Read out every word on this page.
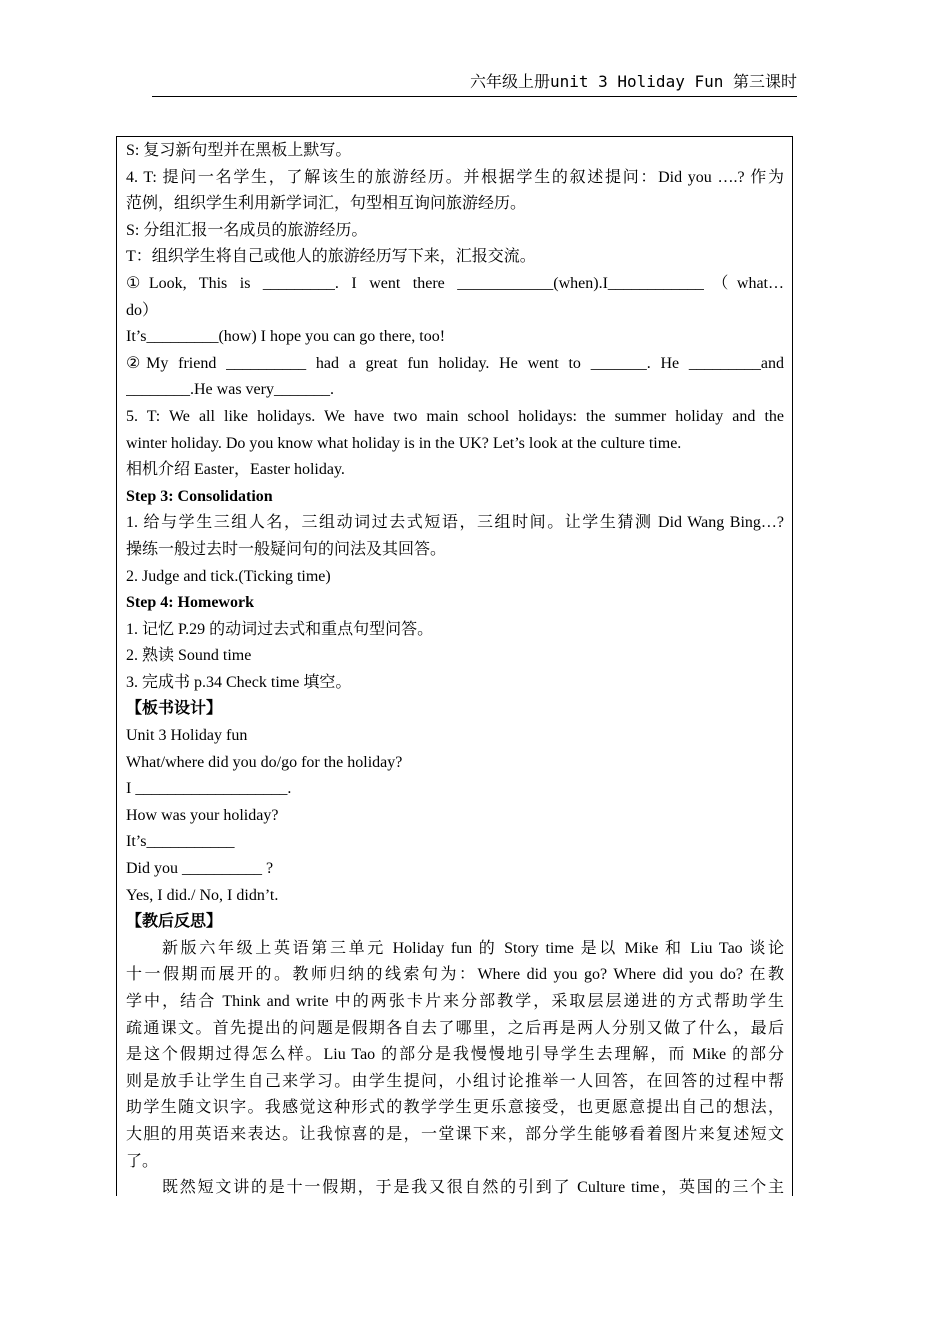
六年级上册unit 3 Holiday Fun 第三课时
S: 复习新句型并在黑板上默写。
4. T: 提问一名学生，了解该生的旅游经历。并根据学生的叙述提问：Did you ….? 作为
范例，组织学生利用新学词汇，句型相互询问旅游经历。
S: 分组汇报一名成员的旅游经历。
T：组织学生将自己或他人的旅游经历写下来，汇报交流。
①Look, This is _________. I went there ____________(when).I____________（what…
do）
It’s_________(how) I hope you can go there, too!
②My friend __________ had a great fun holiday. He went to _______. He _________and
________.He was very_______.
5. T: We all like holidays. We have two main school holidays: the summer holiday and the
winter holiday. Do you know what holiday is in the UK? Let’s look at the culture time.
相机介绍 Easter，Easter holiday.
Step 3: Consolidation
1. 给与学生三组人名，三组动词过去式短语，三组时间。让学生猜测 Did Wang Bing…?
操练一般过去时一般疑问句的问法及其回答。
2. Judge and tick.(Ticking time)
Step 4: Homework
1. 记忆 P.29 的动词过去式和重点句型问答。
2. 熟读 Sound time
3. 完成书 p.34 Check time 填空。
【板书设计】
Unit 3 Holiday fun
What/where did you do/go for the holiday?
I ___________________.
How was your holiday?
It’s___________
Did you __________ ?
Yes, I did./ No, I didn’t.
【教后反思】
新版六年级上英语第三单元 Holiday fun 的 Story time 是以 Mike 和 Liu Tao 谈论
十一假期而展开的。教师归纳的线索句为：Where did you go? Where did you do? 在教
学中，结合 Think and write 中的两张卡片来分部教学，采取层层递进的方式帮助学生
疏通课文。首先提出的问题是假期各自去了哪里，之后再是两人分别又做了什么，最后
是这个假期过得怎么样。Liu Tao 的部分是我慢慢地引导学生去理解，而 Mike 的部分
则是放手让学生自己来学习。由学生提问，小组讨论推举一人回答，在回答的过程中帮
助学生随文识字。我感觉这种形式的教学学生更乐意接受，也更愿意提出自己的想法，
大胆的用英语来表达。让我惊喜的是，一堂课下来，部分学生能够看着图片来复述短文
了。
既然短文讲的是十一假期，于是我又很自然的引到了 Culture time，英国的三个主
